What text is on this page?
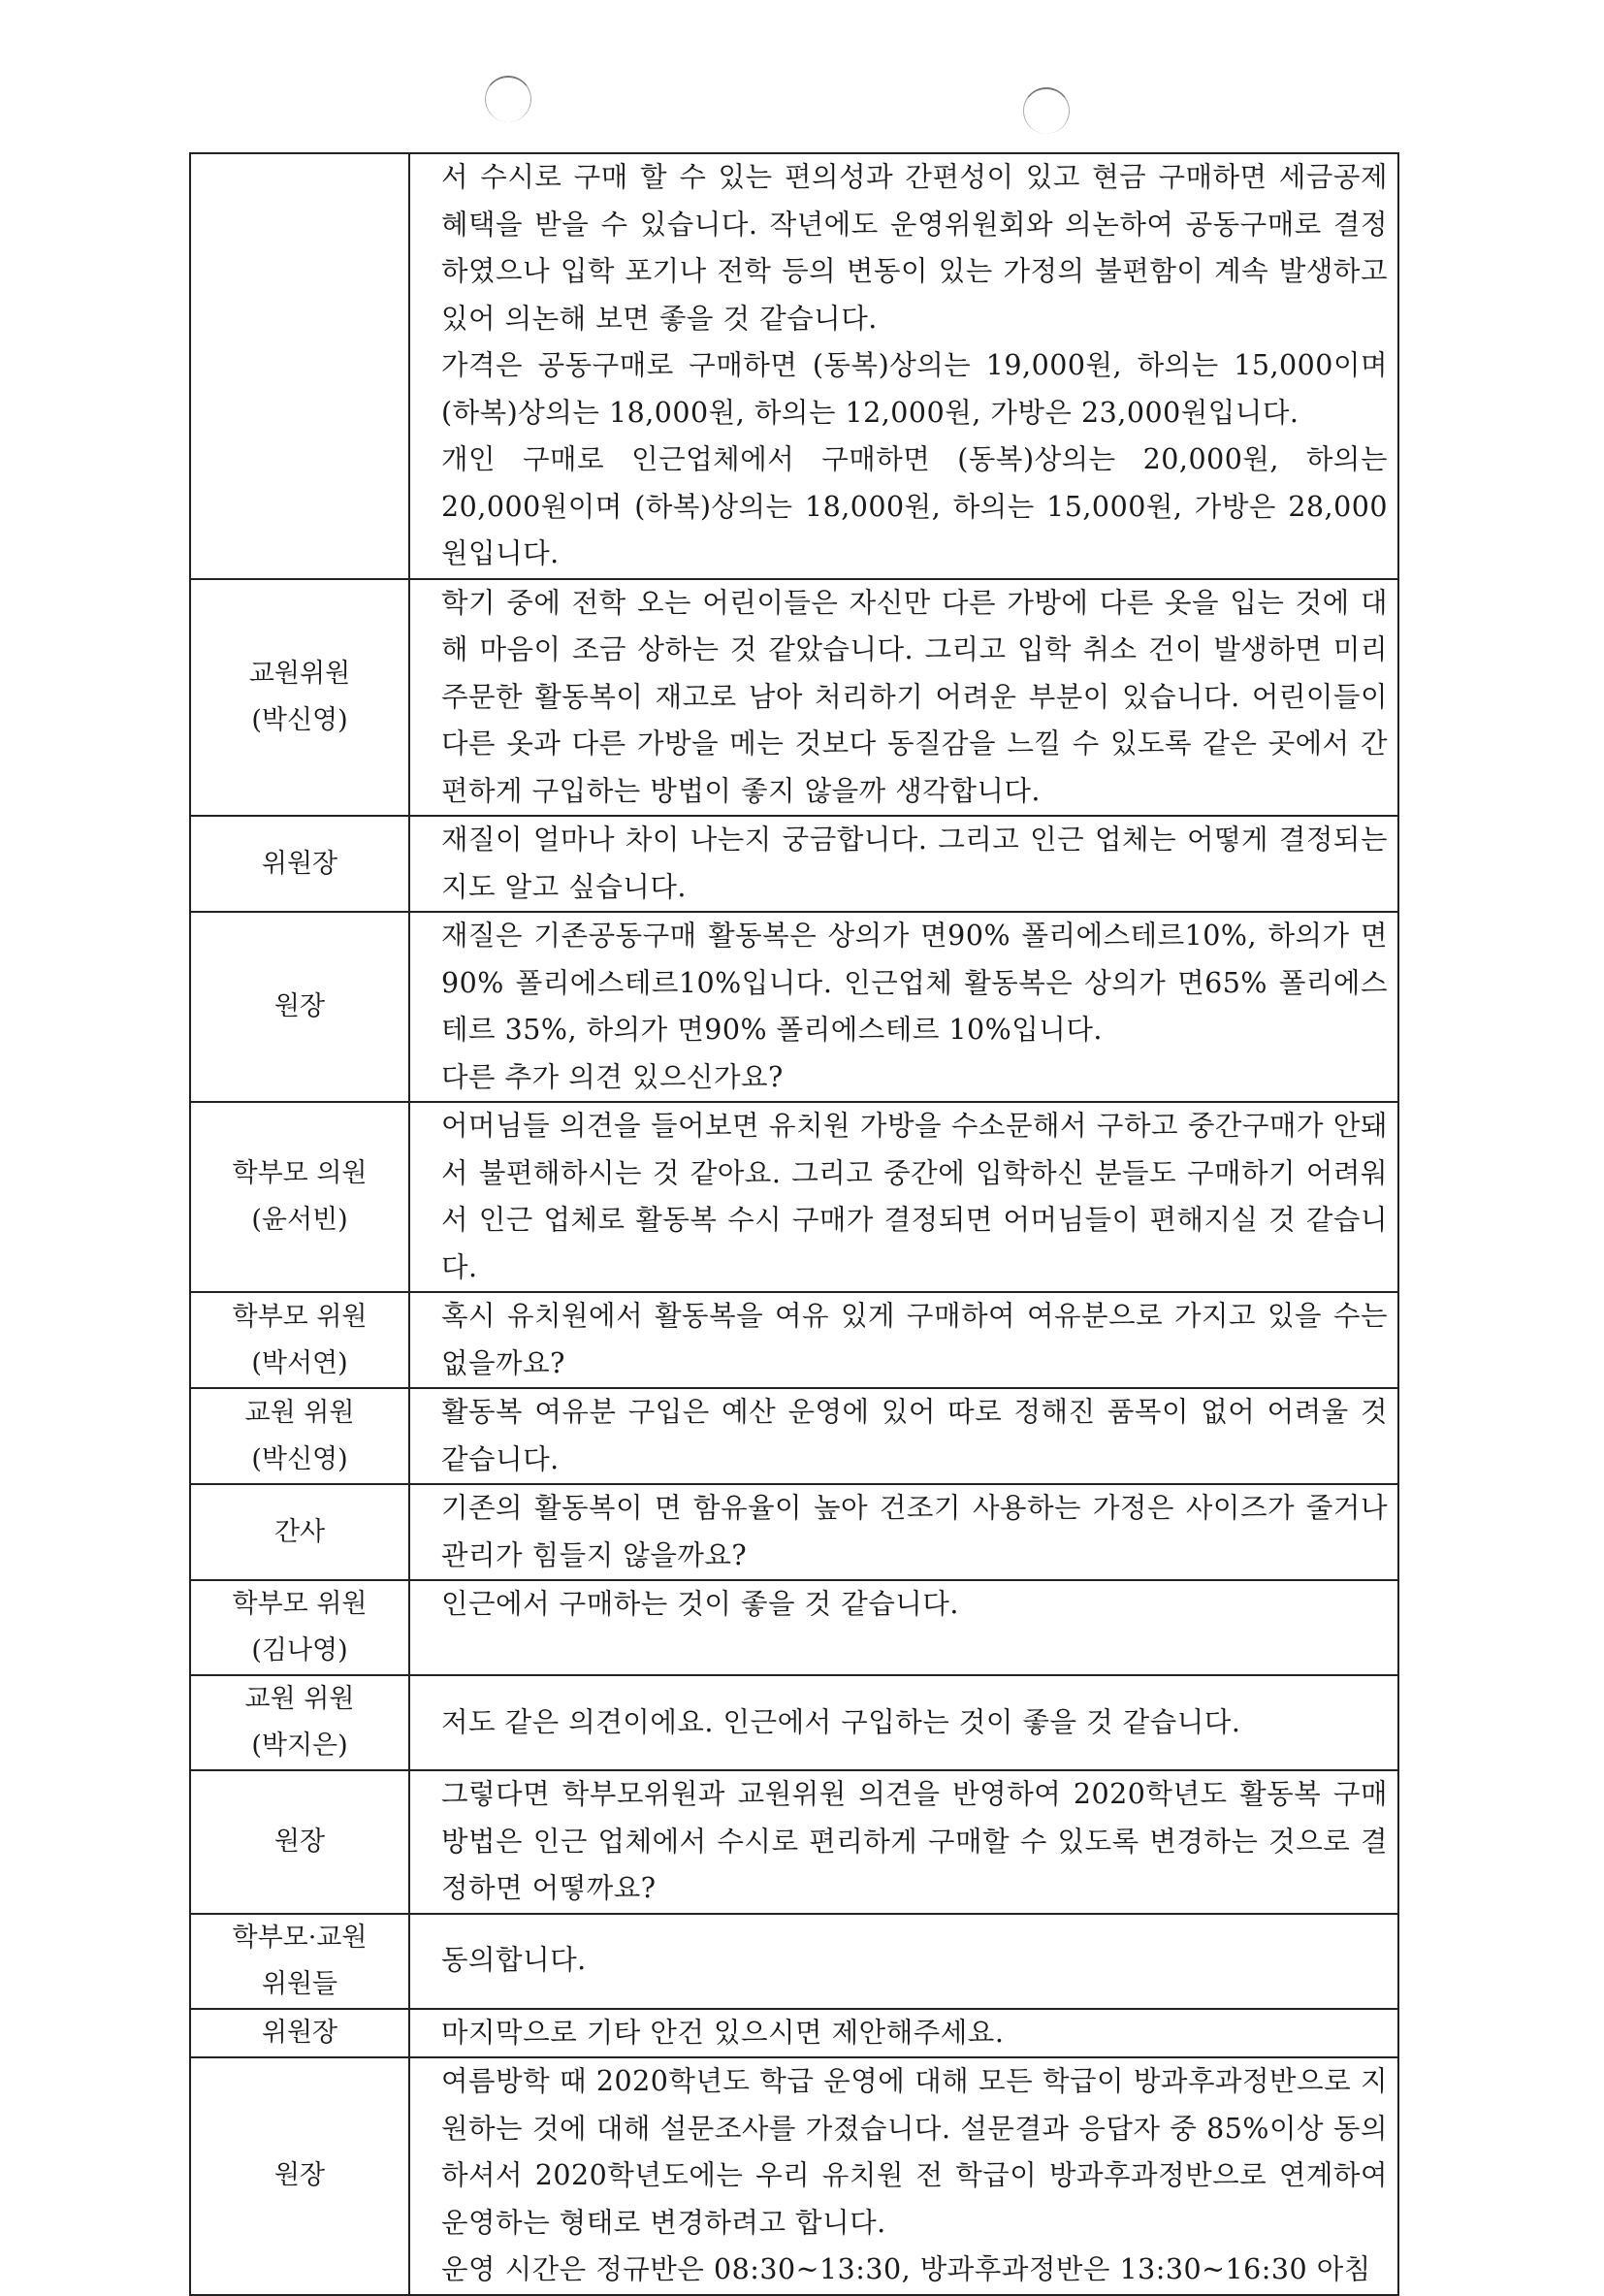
	서 수시로 구매 할 수 있는 편의성과 간편성이 있고 현금 구매하면 세금공제 혜택을 받을 수 있습니다. 작년에도 운영위원회와 의논하여 공동구매로 결정하였으나 입학 포기나 전학 등의 변동이 있는 가정의 불편함이 계속 발생하고 있어 의논해 보면 좋을 것 같습니다.
가격은 공동구매로 구매하면 (동복)상의는 19,000원, 하의는 15,000이며 (하복)상의는 18,000원, 하의는 12,000원, 가방은 23,000원입니다.
개인 구매로 인근업체에서 구매하면 (동복)상의는 20,000원, 하의는 20,000원이며 (하복)상의는 18,000원, 하의는 15,000원, 가방은 28,000원입니다.

교원위원
(박신영)	학기 중에 전학 오는 어린이들은 자신만 다른 가방에 다른 옷을 입는 것에 대해 마음이 조금 상하는 것 같았습니다. 그리고 입학 취소 건이 발생하면 미리 주문한 활동복이 재고로 남아 처리하기 어려운 부분이 있습니다. 어린이들이 다른 옷과 다른 가방을 메는 것보다 동질감을 느낄 수 있도록 같은 곳에서 간편하게 구입하는 방법이 좋지 않을까 생각합니다.

위원장	재질이 얼마나 차이 나는지 궁금합니다. 그리고 인근 업체는 어떻게 결정되는지도 알고 싶습니다.

원장	재질은 기존공동구매 활동복은 상의가 면90% 폴리에스테르10%, 하의가 면90% 폴리에스테르10%입니다. 인근업체 활동복은 상의가 면65% 폴리에스테르 35%, 하의가 면90% 폴리에스테르 10%입니다.
다른 추가 의견 있으신가요?

학부모 의원
(윤서빈)	어머님들 의견을 들어보면 유치원 가방을 수소문해서 구하고 중간구매가 안돼서 불편해하시는 것 같아요. 그리고 중간에 입학하신 분들도 구매하기 어려워서 인근 업체로 활동복 수시 구매가 결정되면 어머님들이 편해지실 것 같습니다.

학부모 위원
(박서연)	혹시 유치원에서 활동복을 여유 있게 구매하여 여유분으로 가지고 있을 수는 없을까요?

교원 위원
(박신영)	활동복 여유분 구입은 예산 운영에 있어 따로 정해진 품목이 없어 어려울 것 같습니다.

간사	기존의 활동복이 면 함유율이 높아 건조기 사용하는 가정은 사이즈가 줄거나 관리가 힘들지 않을까요?

학부모 위원
(김나영)	인근에서 구매하는 것이 좋을 것 같습니다.

교원 위원
(박지은)	저도 같은 의견이에요. 인근에서 구입하는 것이 좋을 것 같습니다.

원장	그렇다면 학부모위원과 교원위원 의견을 반영하여 2020학년도 활동복 구매 방법은 인근 업체에서 수시로 편리하게 구매할 수 있도록 변경하는 것으로 결정하면 어떻까요?

학부모·교원
위원들	동의합니다.

위원장	마지막으로 기타 안건 있으시면 제안해주세요.

원장	여름방학 때 2020학년도 학급 운영에 대해 모든 학급이 방과후과정반으로 지원하는 것에 대해 설문조사를 가졌습니다. 설문결과 응답자 중 85%이상 동의하셔서 2020학년도에는 우리 유치원 전 학급이 방과후과정반으로 연계하여 운영하는 형태로 변경하려고 합니다.
운영 시간은 정규반은 08:30~13:30, 방과후과정반은 13:30~16:30 아침
